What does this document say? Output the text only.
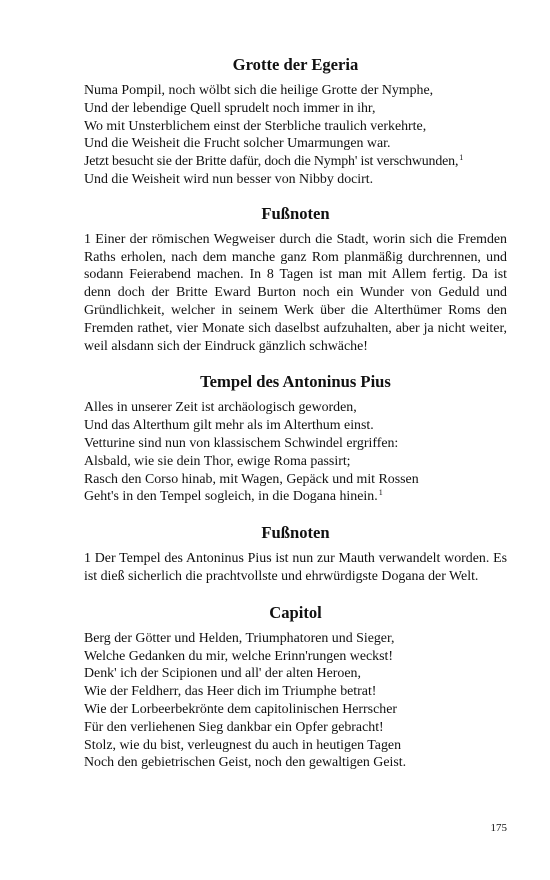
Grotte der Egeria
Numa Pompil, noch wölbt sich die heilige Grotte der Nymphe,
Und der lebendige Quell sprudelt noch immer in ihr,
Wo mit Unsterblichem einst der Sterbliche traulich verkehrte,
Und die Weisheit die Frucht solcher Umarmungen war.
Jetzt besucht sie der Britte dafür, doch die Nymph' ist verschwunden,$^1$
Und die Weisheit wird nun besser von Nibby docirt.
Fußnoten

1 Einer der römischen Wegweiser durch die Stadt, worin sich die Fremden Raths erholen, nach dem manche ganz Rom planmäßig durchrennen, und sodann Feierabend machen. In 8 Tagen ist man mit Allem fertig. Da ist denn doch der Britte Eward Burton noch ein Wunder von Geduld und Gründlichkeit, welcher in seinem Werk über die Alterthümer Roms den Fremden rathet, vier Monate sich daselbst aufzuhalten, aber ja nicht weiter, weil alsdann sich der Eindruck gänzlich schwäche!

Tempel des Antoninus Pius
Alles in unserer Zeit ist archäologisch geworden,
Und das Alterthum gilt mehr als im Alterthum einst.
Vetturine sind nun von klassischem Schwindel ergriffen:
Alsbald, wie sie dein Thor, ewige Roma passirt;
Rasch den Corso hinab, mit Wagen, Gepäck und mit Rossen
Geht's in den Tempel sogleich, in die Dogana hinein.$^1$
Fußnoten

1 Der Tempel des Antoninus Pius ist nun zur Mauth verwandelt worden. Es ist dieß sicherlich die prachtvollste und ehrwürdigste Dogana der Welt.

Capitol
Berg der Götter und Helden, Triumphatoren und Sieger,
Welche Gedanken du mir, welche Erinn'rungen weckst!
Denk' ich der Scipionen und all' der alten Heroen,
Wie der Feldherr, das Heer dich im Triumphe betrat!
Wie der Lorbeerbekrönte dem capitolinischen Herrscher
Für den verliehenen Sieg dankbar ein Opfer gebracht!
Stolz, wie du bist, verleugnest du auch in heutigen Tagen
Noch den gebietrischen Geist, noch den gewaltigen Geist.
175
